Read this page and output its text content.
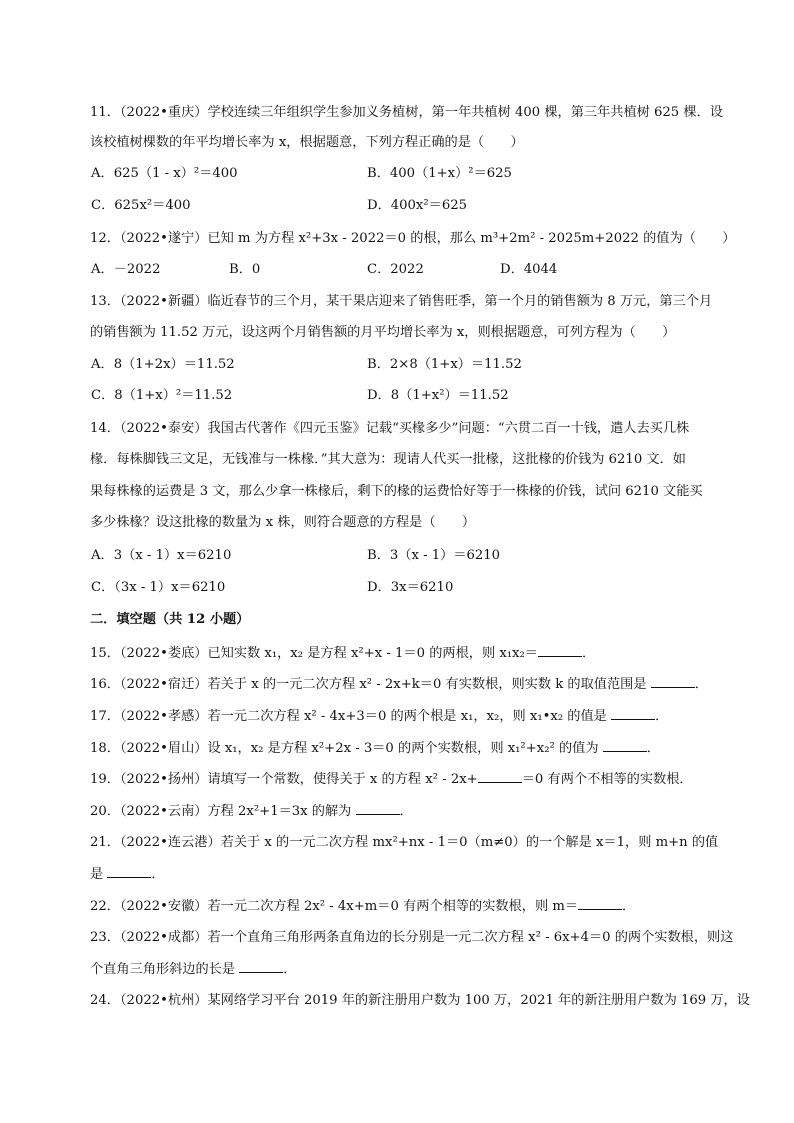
11．（2022•重庆）学校连续三年组织学生参加义务植树，第一年共植树 400 棵，第三年共植树 625 棵．设
该校植树棵数的年平均增长率为 x，根据题意，下列方程正确的是（　　）
A．625（1 - x）²＝400	B．400（1+x）²＝625
C．625x²＝400	D．400x²＝625
12．（2022•遂宁）已知 m 为方程 x²+3x - 2022＝0 的根，那么 m³+2m² - 2025m+2022 的值为（　　）
A．－2022	B．0	C．2022	D．4044
13．（2022•新疆）临近春节的三个月，某干果店迎来了销售旺季，第一个月的销售额为 8 万元，第三个月
的销售额为 11.52 万元，设这两个月销售额的月平均增长率为 x，则根据题意，可列方程为（　　）
A．8（1+2x）＝11.52	B．2×8（1+x）＝11.52
C．8（1+x）²＝11.52	D．8（1+x²）＝11.52
14．（2022•泰安）我国古代著作《四元玉鉴》记载“买椽多少”问题：“六贯二百一十钱，遣人去买几株
椽．每株脚钱三文足，无钱准与一株椽．”其大意为：现请人代买一批椽，这批椽的价钱为 6210 文．如
果每株椽的运费是 3 文，那么少拿一株椽后，剩下的椽的运费恰好等于一株椽的价钱，试问 6210 文能买
多少株椽？设这批椽的数量为 x 株，则符合题意的方程是（　　）
A．3（x - 1）x＝6210	B．3（x - 1）＝6210
C．（3x - 1）x＝6210	D．3x＝6210
二．填空题（共 12 小题）
15．（2022•娄底）已知实数 x₁，x₂ 是方程 x²+x - 1＝0 的两根，则 x₁x₂＝	．
16．（2022•宿迁）若关于 x 的一元二次方程 x² - 2x+k＝0 有实数根，则实数 k 的取值范围是	．
17．（2022•孝感）若一元二次方程 x² - 4x+3＝0 的两个根是 x₁，x₂，则 x₁•x₂ 的值是	．
18．（2022•眉山）设 x₁，x₂ 是方程 x²+2x - 3＝0 的两个实数根，则 x₁²+x₂² 的值为	．
19．（2022•扬州）请填写一个常数，使得关于 x 的方程 x² - 2x+	＝0 有两个不相等的实数根．
20．（2022•云南）方程 2x²+1＝3x 的解为	．
21．（2022•连云港）若关于 x 的一元二次方程 mx²+nx - 1＝0（m≠0）的一个解是 x＝1，则 m+n 的值
是	．
22．（2022•安徽）若一元二次方程 2x² - 4x+m＝0 有两个相等的实数根，则 m＝	．
23．（2022•成都）若一个直角三角形两条直角边的长分别是一元二次方程 x² - 6x+4＝0 的两个实数根，则这
个直角三角形斜边的长是	．
24．（2022•杭州）某网络学习平台 2019 年的新注册用户数为 100 万，2021 年的新注册用户数为 169 万，设
